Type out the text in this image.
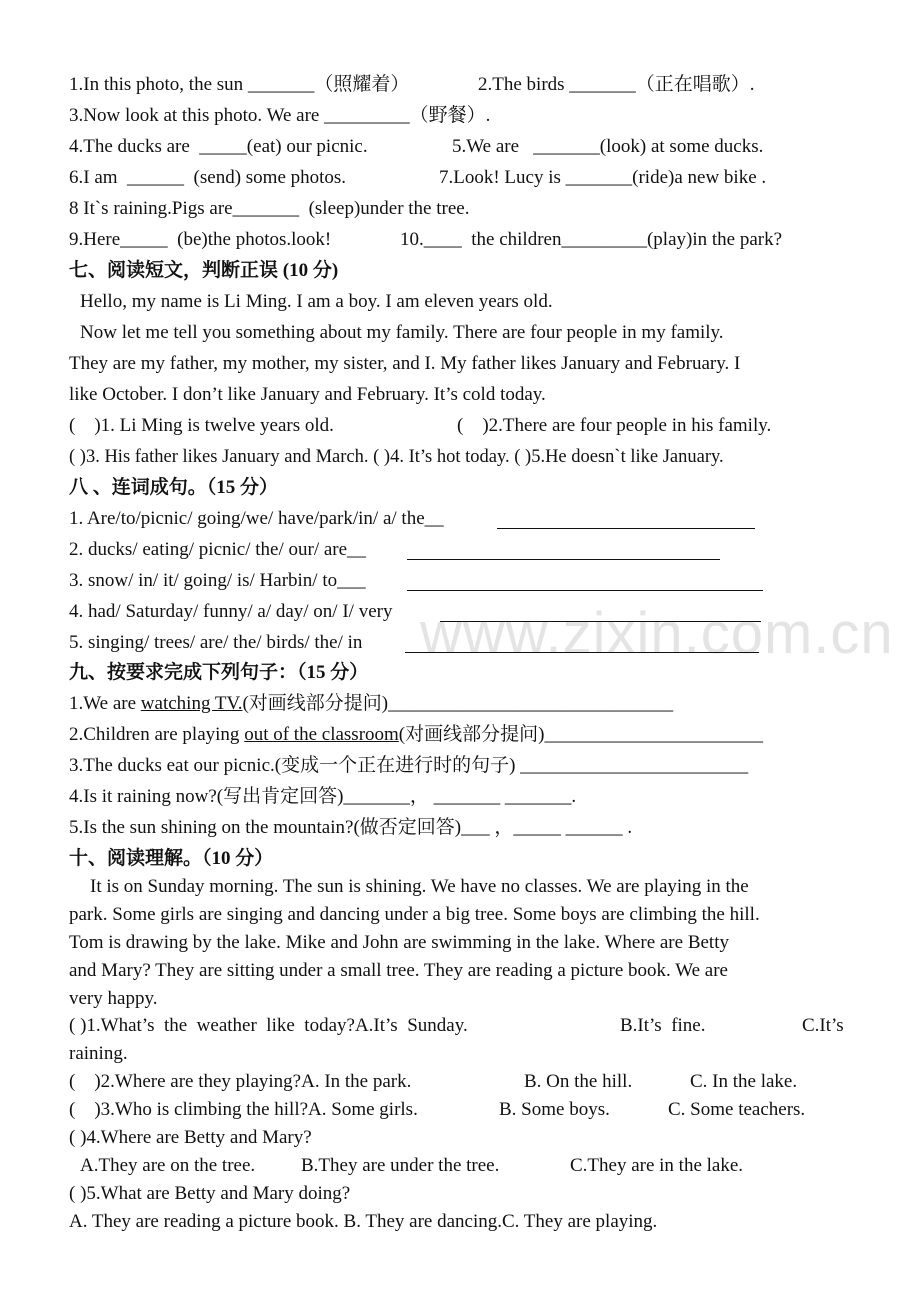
www.zixin.com.cn
1.In this photo, the sun _______（照耀着）	2.The birds _______（正在唱歌）.
3.Now look at this photo. We are _________（野餐）.
4.The ducks are  _____(eat) our picnic.	5.We are   _______(look) at some ducks.
6.I am  ______  (send) some photos.	7.Look! Lucy is _______(ride)a new bike .
8 It`s raining.Pigs are_______  (sleep)under the tree.
9.Here_____  (be)the photos.look!	10.____  the children_________(play)in the park?
七、阅读短文，判断正误 (10 分)
Hello, my name is Li Ming. I am a boy. I am eleven years old.
Now let me tell you something about my family. There are four people in my family.
They are my father, my mother, my sister, and I. My father likes January and February. I
like October. I don’t like January and February. It’s cold today.
(    )1. Li Ming is twelve years old.	(    )2.There are four people in his family.
( )3. His father likes January and March. ( )4. It’s hot today. ( )5.He doesn`t like January.
八 、连词成句。（15 分）
1. Are/to/picnic/ going/we/ have/park/in/ a/ the__
2. ducks/ eating/ picnic/ the/ our/ are__
3. snow/ in/ it/ going/ is/ Harbin/ to___
4. had/ Saturday/ funny/ a/ day/ on/ I/ very
5. singing/ trees/ are/ the/ birds/ the/ in
九、按要求完成下列句子：（15 分）
1.We are watching TV.(对画线部分提问)______________________________
2.Children are playing out of the classroom(对画线部分提问)_______________________
3.The ducks eat our picnic.(变成一个正在进行时的句子) ________________________
4.Is it raining now?(写出肯定回答)_______， _______ _______.
5.Is the sun shining on the mountain?(做否定回答)___ ，_____ ______ .
十、阅读理解。（10 分）
It is on Sunday morning. The sun is shining. We have no classes. We are playing in the
park. Some girls are singing and dancing under a big tree. Some boys are climbing the hill.
Tom is drawing by the lake. Mike and John are swimming in the lake. Where are Betty
and Mary? They are sitting under a small tree. They are reading a picture book. We are
very happy.
( )1.What’s  the  weather  like  today?A.It’s  Sunday.	B.It’s  fine.	C.It’s
raining.
(    )2.Where are they playing?A. In the park.	B. On the hill.	C. In the lake.
(    )3.Who is climbing the hill?A. Some girls.	B. Some boys.	C. Some teachers.
( )4.Where are Betty and Mary?
A.They are on the tree. B.They are under the tree.	C.They are in the lake.
( )5.What are Betty and Mary doing?
A. They are reading a picture book. B. They are dancing.C. They are playing.
